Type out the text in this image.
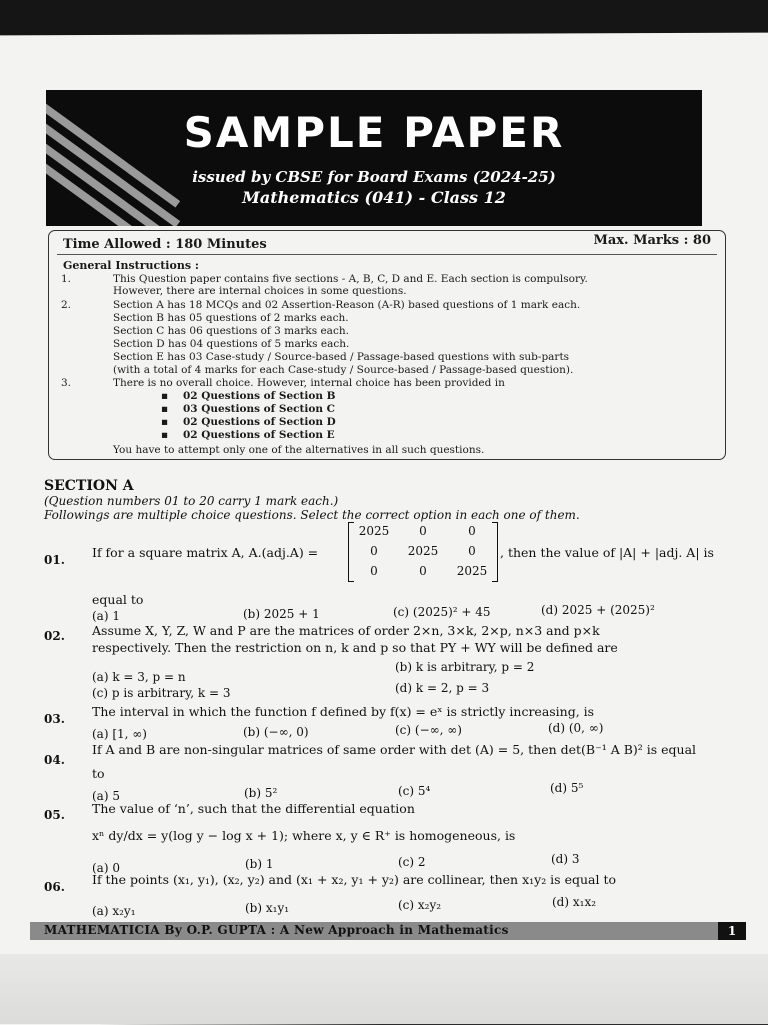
SAMPLE PAPER
issued by CBSE for Board Exams (2024-25)
Mathematics (041) - Class 12
Time Allowed : 180 Minutes	Max. Marks : 80
General Instructions :
1.	This Question paper contains five sections - A, B, C, D and E. Each section is compulsory.
However, there are internal choices in some questions.
2.	Section A has 18 MCQs and 02 Assertion-Reason (A-R) based questions of 1 mark each.
Section B has 05 questions of 2 marks each.
Section C has 06 questions of 3 marks each.
Section D has 04 questions of 5 marks each.
Section E has 03 Case-study / Source-based / Passage-based questions with sub-parts
(with a total of 4 marks for each Case-study / Source-based / Passage-based question).
3.	There is no overall choice. However, internal choice has been provided in
▪ 02 Questions of Section B
▪ 03 Questions of Section C
▪ 02 Questions of Section D
▪ 02 Questions of Section E
You have to attempt only one of the alternatives in all such questions.
SECTION A
(Question numbers 01 to 20 carry 1 mark each.)
Followings are multiple choice questions. Select the correct option in each one of them.
01. If for a square matrix A, A.(adj.A) =
2025	0	0
0	2025	0
0	0	2025
, then the value of |A| + |adj. A| is
equal to
(a) 1	(b) 2025 + 1	(c) (2025)² + 45	(d) 2025 + (2025)²
02. Assume X, Y, Z, W and P are the matrices of order 2×n, 3×k, 2×p, n×3 and p×k
respectively. Then the restriction on n, k and p so that PY + WY will be defined are
(a) k = 3, p = n
(b) k is arbitrary, p = 2
(c) p is arbitrary, k = 3	(d) k = 2, p = 3
03. The interval in which the function f defined by f(x) = eˣ is strictly increasing, is
(a) [1, ∞)	(b) (−∞, 0)	(c) (−∞, ∞)	(d) (0, ∞)
04.
If A and B are non-singular matrices of same order with det (A) = 5, then det(B⁻¹ A B)² is equal
to
(a) 5	(b) 5²	(c) 5⁴	(d) 5⁵
05. The value of ‘n’, such that the differential equation
xⁿ dy/dx = y(log y − log x + 1); where x, y ∈ R⁺ is homogeneous, is
(a) 0	(b) 1	(c) 2	(d) 3
06. If the points (x₁, y₁), (x₂, y₂) and (x₁ + x₂, y₁ + y₂) are collinear, then x₁y₂ is equal to
(a) x₂y₁	(b) x₁y₁	(c) x₂y₂	(d) x₁x₂
MATHEMATICIA By O.P. GUPTA : A New Approach in Mathematics	1
